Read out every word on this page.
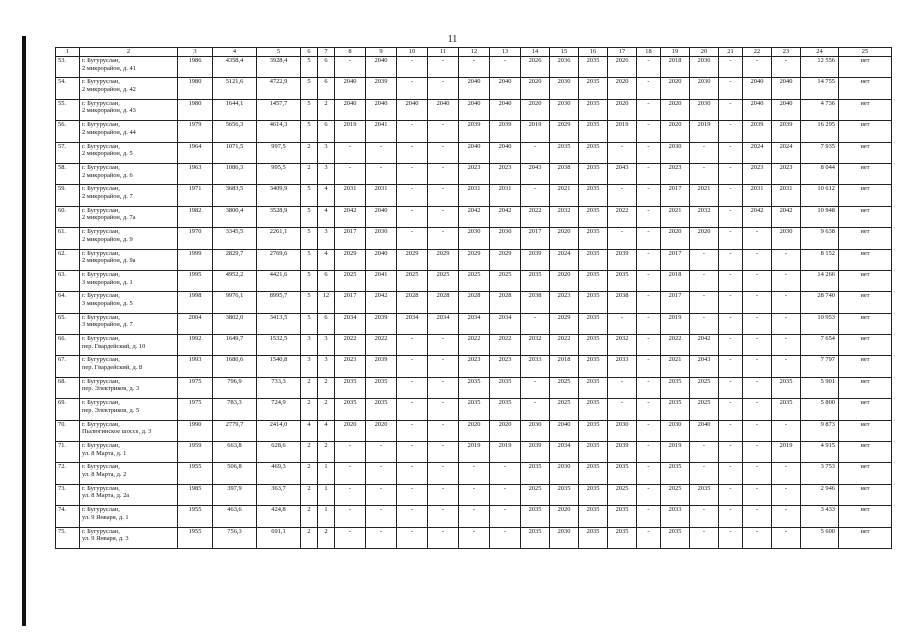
11
1	2	3	4	5	6	7	8	9	10	11	12	13	14	15	16	17	18	19	20	21	22	23	24	25
53.	г. Бугуруслан,
2 микрорайон, д. 41	1986	4358,4	3928,4	5	6	-	2040	-	-	-	-	2026	2036	2035	2026	-	2018	2036	-	-	-	12 556	нет
54.	г. Бугуруслан,
2 микрорайон, д. 42	1980	5121,6	4722,9	5	6	2040	2039	-	-	2040	2040	2020	2030	2035	2020	-	2020	2030	-	2040	2040	14 755	нет
55.	г. Бугуруслан,
2 микрорайон, д. 43	1980	1644,1	1457,7	5	2	2040	2040	2040	2040	2040	2040	2020	2030	2035	2020	-	2020	2030	-	2040	2040	4 736	нет
56.	г. Бугуруслан,
2 микрорайон, д. 44	1979	5656,3	4614,3	5	6	2019	2041	-	-	2039	2039	2019	2029	2035	2019	-	2020	2019	-	2039	2039	16 295	нет
57.	г. Бугуруслан,
2 микрорайон, д. 5	1964	1071,5	997,5	2	3	-	-	-	-	2040	2040	-	2035	2035	-	-	2030	-	-	2024	2024	7 935	нет
58.	г. Бугуруслан,
2 микрорайон, д. 6	1963	1086,3	995,5	2	3	-	-	-	-	2023	2023	2043	2038	2035	2043	-	2023	-	-	2023	2023	8 044	нет
59.	г. Бугуруслан,
2 микрорайон, д. 7	1971	3683,5	3409,9	5	4	2031	2031	-	-	2031	2031	-	2021	2035	-	-	2017	2021	-	2031	2031	10 612	нет
60.	г. Бугуруслан,
2 микрорайон, д. 7а	1982	3800,4	3528,9	5	4	2042	2040	-	-	2042	2042	2022	2032	2035	2022	-	2021	2032	-	2042	2042	10 948	нет
61.	г. Бугуруслан,
2 микрорайон, д. 9	1970	3345,5	2261,1	5	3	2017	2030	-	-	2030	2030	2017	2020	2035	-	-	2020	2020	-	-	2030	9 638	нет
62.	г. Бугуруслан,
2 микрорайон, д. 9а	1999	2829,7	2769,6	5	4	2029	2040	2029	2029	2029	2029	2039	2024	2035	2039	-	2017	-	-	-	-	8 152	нет
63.	г. Бугуруслан,
3 микрорайон, д. 1	1995	4952,2	4421,6	5	6	2025	2041	2025	2025	2025	2025	2035	2020	2035	2035	-	2018	-	-	-	-	14 266	нет
64.	г. Бугуруслан,
3 микрорайон, д. 5	1998	9976,1	8995,7	5	12	2017	2042	2028	2028	2028	2028	2038	2023	2035	2038	-	2017	-	-	-	-	28 740	нет
65.	г. Бугуруслан,
3 микрорайон, д. 7	2004	3802,0	3413,5	5	6	2034	2039	2034	2034	2034	2034	-	2029	2035	-	-	2019	-	-	-	-	10 953	нет
66.	г. Бугуруслан,
пер. Гвардейский, д. 10	1992	1649,7	1532,5	3	3	2022	2022	-	-	2022	2022	2032	2022	2035	2032	-	2022	2042	-	-	-	7 654	нет
67.	г. Бугуруслан,
пер. Гвардейский, д. 8	1993	1680,6	1540,8	3	3	2023	2039	-	-	2023	2023	2033	2018	2035	2033	-	2021	2043	-	-	-	7 797	нет
68.	г. Бугуруслан,
пер. Электриков, д. 3	1975	796,9	733,3	2	2	2035	2035	-	-	2035	2035	-	2025	2035	-	-	2035	2025	-	-	2035	5 901	нет
69.	г. Бугуруслан,
пер. Электриков, д. 5	1975	783,3	724,9	2	2	2035	2035	-	-	2035	2035	-	2025	2035	-	-	2035	2025	-	-	2035	5 800	нет
70.	г. Бугуруслан,
Пылюгинское шоссе, д. 3	1990	2779,7	2414,0	4	4	2020	2020	-	-	2020	2020	2030	2040	2035	2030	-	2030	2040	-	-	-	9 873	нет
71.	г. Бугуруслан,
ул. 8 Марта, д. 1	1959	663,8	628,6	2	2	-	-	-	-	2019	2019	2039	2034	2035	2039	-	2019	-	-	-	2019	4 915	нет
72.	г. Бугуруслан,
ул. 8 Марта, д. 2	1955	506,8	469,3	2	1	-	-	-	-	-	-	2035	2030	2035	2035	-	2035	-	-	-	-	3 753	нет
73.	г. Бугуруслан,
ул. 8 Марта, д. 2а	1985	397,9	363,7	2	1	-	-	-	-	-	-	2025	2035	2035	2025	-	2025	2035	-	-	-	2 946	нет
74.	г. Бугуруслан,
ул. 9 Января, д. 1	1955	463,6	424,8	2	1	-	-	-	-	-	-	2035	2020	2035	2035	-	2033	-	-	-	-	3 433	нет
75.	г. Бугуруслан,
ул. 9 Января, д. 3	1955	756,3	691,1	2	2	-	-	-	-	-	-	2035	2030	2035	2035	-	2035	-	-	-	-	5 600	нет
